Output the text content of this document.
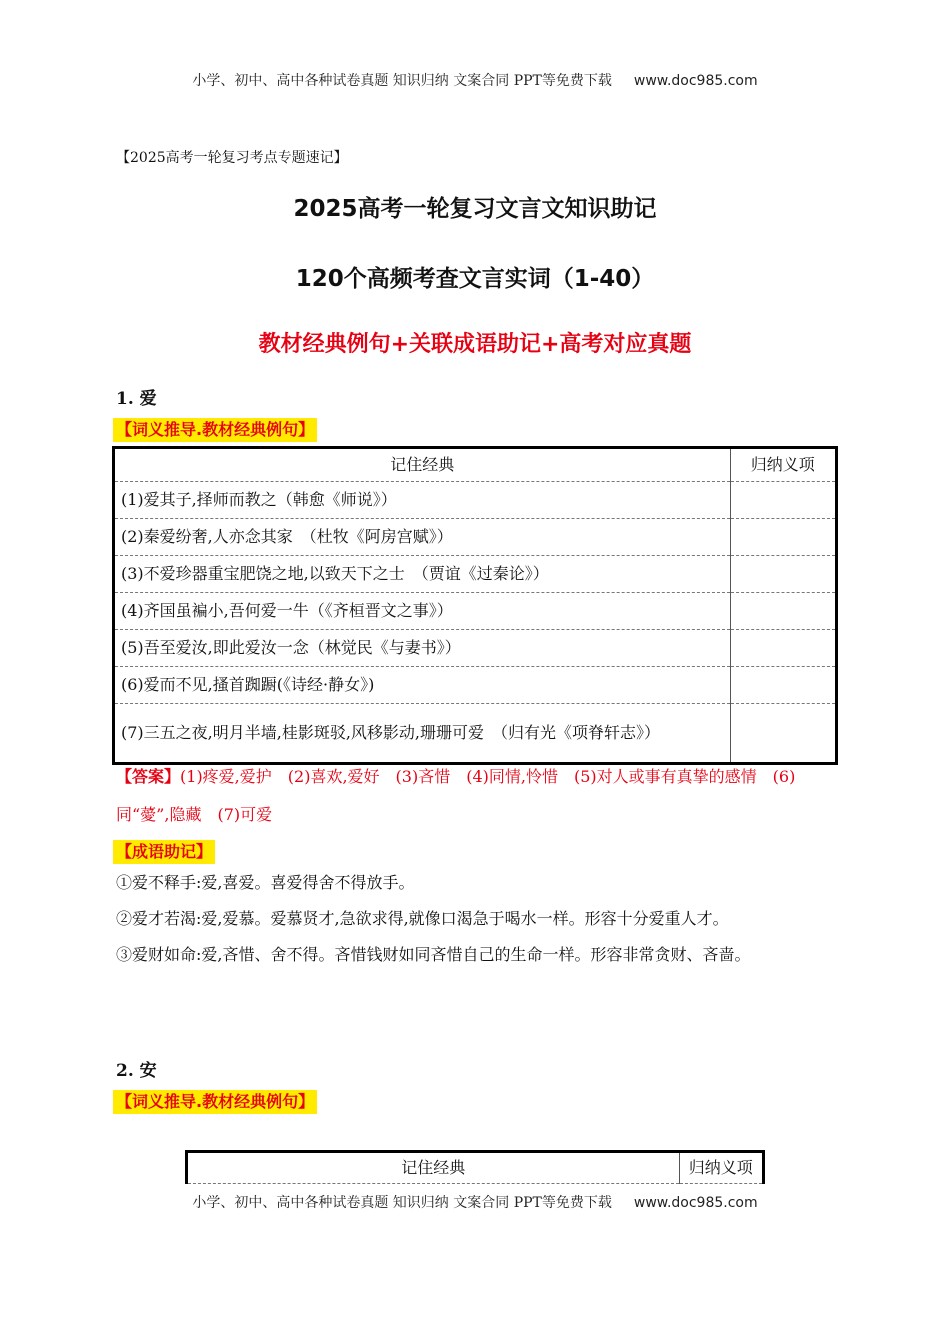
小学、初中、高中各种试卷真题 知识归纳 文案合同 PPT等免费下载 www.doc985.com
【2025高考一轮复习考点专题速记】
2025高考一轮复习文言文知识助记
120个高频考查文言实词（1-40）
教材经典例句+关联成语助记+高考对应真题
1. 爱
【词义推导.教材经典例句】
记住经典	归纳义项
(1)爱其子,择师而教之（韩愈《师说》）	
(2)秦爱纷奢,人亦念其家　（杜牧《阿房宫赋》）	
(3)不爱珍器重宝肥饶之地,以致天下之士　（贾谊《过秦论》）	
(4)齐国虽褊小,吾何爱一牛（《齐桓晋文之事》）	
(5)吾至爱汝,即此爱汝一念（林觉民《与妻书》）	
(6)爱而不见,搔首踟蹰(《诗经·静女》)	
(7)三五之夜,明月半墙,桂影斑驳,风移影动,珊珊可爱　（归有光《项脊轩志》）	
【答案】(1)疼爱,爱护 (2)喜欢,爱好 (3)吝惜 (4)同情,怜惜 (5)对人或事有真挚的感情 (6)同“薆”,隐藏 (7)可爱
【成语助记】
①爱不释手:爱,喜爱。喜爱得舍不得放手。
②爱才若渴:爱,爱慕。爱慕贤才,急欲求得,就像口渴急于喝水一样。形容十分爱重人才。
③爱财如命:爱,吝惜、舍不得。吝惜钱财如同吝惜自己的生命一样。形容非常贪财、吝啬。
2. 安
【词义推导.教材经典例句】
记住经典	归纳义项
小学、初中、高中各种试卷真题 知识归纳 文案合同 PPT等免费下载 www.doc985.com
